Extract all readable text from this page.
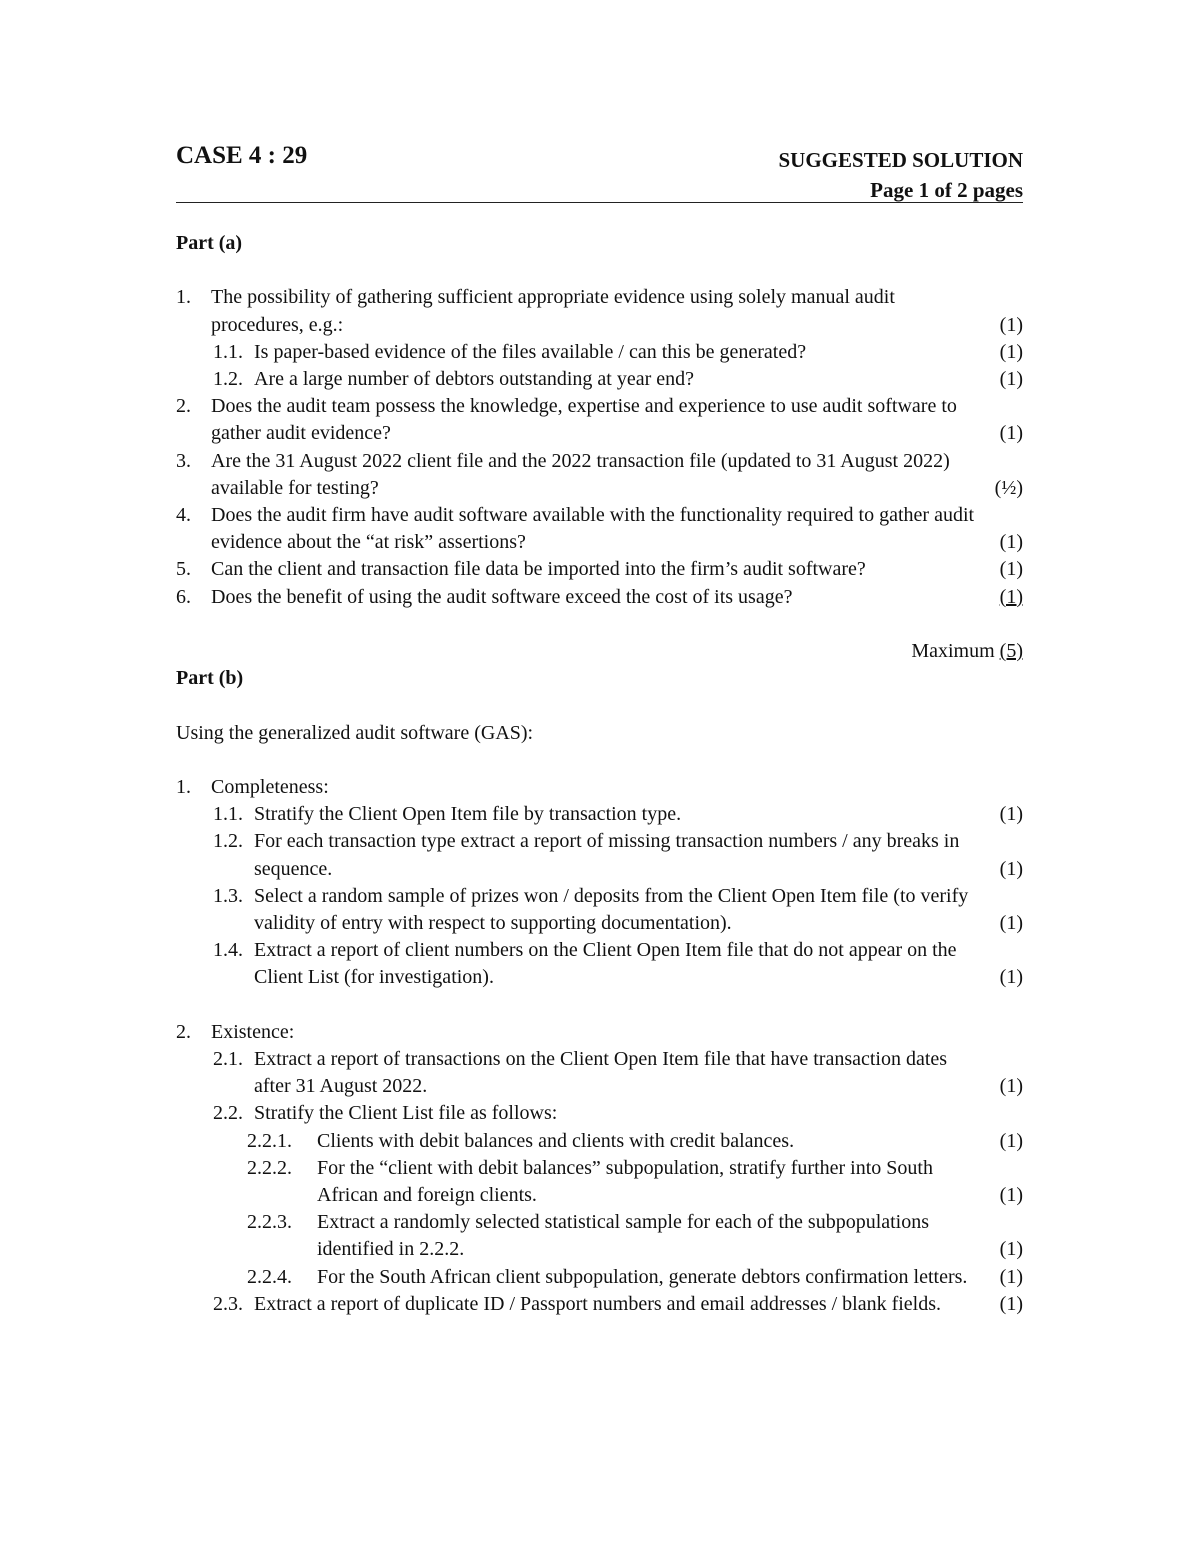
CASE 4 : 29	SUGGESTED SOLUTION
Page 1 of 2 pages
Part (a)
1.	The possibility of gathering sufficient appropriate evidence using solely manual audit procedures, e.g.:	(1)
1.1. Is paper-based evidence of the files available / can this be generated?	(1)
1.2. Are a large number of debtors outstanding at year end?	(1)
2.	Does the audit team possess the knowledge, expertise and experience to use audit software to gather audit evidence?	(1)
3.	Are the 31 August 2022 client file and the 2022 transaction file (updated to 31 August 2022) available for testing?	(½)
4.	Does the audit firm have audit software available with the functionality required to gather audit evidence about the “at risk” assertions?	(1)
5.	Can the client and transaction file data be imported into the firm’s audit software?	(1)
6.	Does the benefit of using the audit software exceed the cost of its usage?	(1)
Maximum (5)
Part (b)
Using the generalized audit software (GAS):
1.	Completeness:
1.1. Stratify the Client Open Item file by transaction type.	(1)
1.2. For each transaction type extract a report of missing transaction numbers / any breaks in sequence.	(1)
1.3. Select a random sample of prizes won / deposits from the Client Open Item file (to verify validity of entry with respect to supporting documentation).	(1)
1.4. Extract a report of client numbers on the Client Open Item file that do not appear on the Client List (for investigation).	(1)
2.	Existence:
2.1. Extract a report of transactions on the Client Open Item file that have transaction dates after 31 August 2022.	(1)
2.2. Stratify the Client List file as follows:
2.2.1.	Clients with debit balances and clients with credit balances.	(1)
2.2.2.	For the “client with debit balances” subpopulation, stratify further into South African and foreign clients.	(1)
2.2.3.	Extract a randomly selected statistical sample for each of the subpopulations identified in 2.2.2.	(1)
2.2.4.	For the South African client subpopulation, generate debtors confirmation letters.	(1)
2.3. Extract a report of duplicate ID / Passport numbers and email addresses / blank fields.	(1)
